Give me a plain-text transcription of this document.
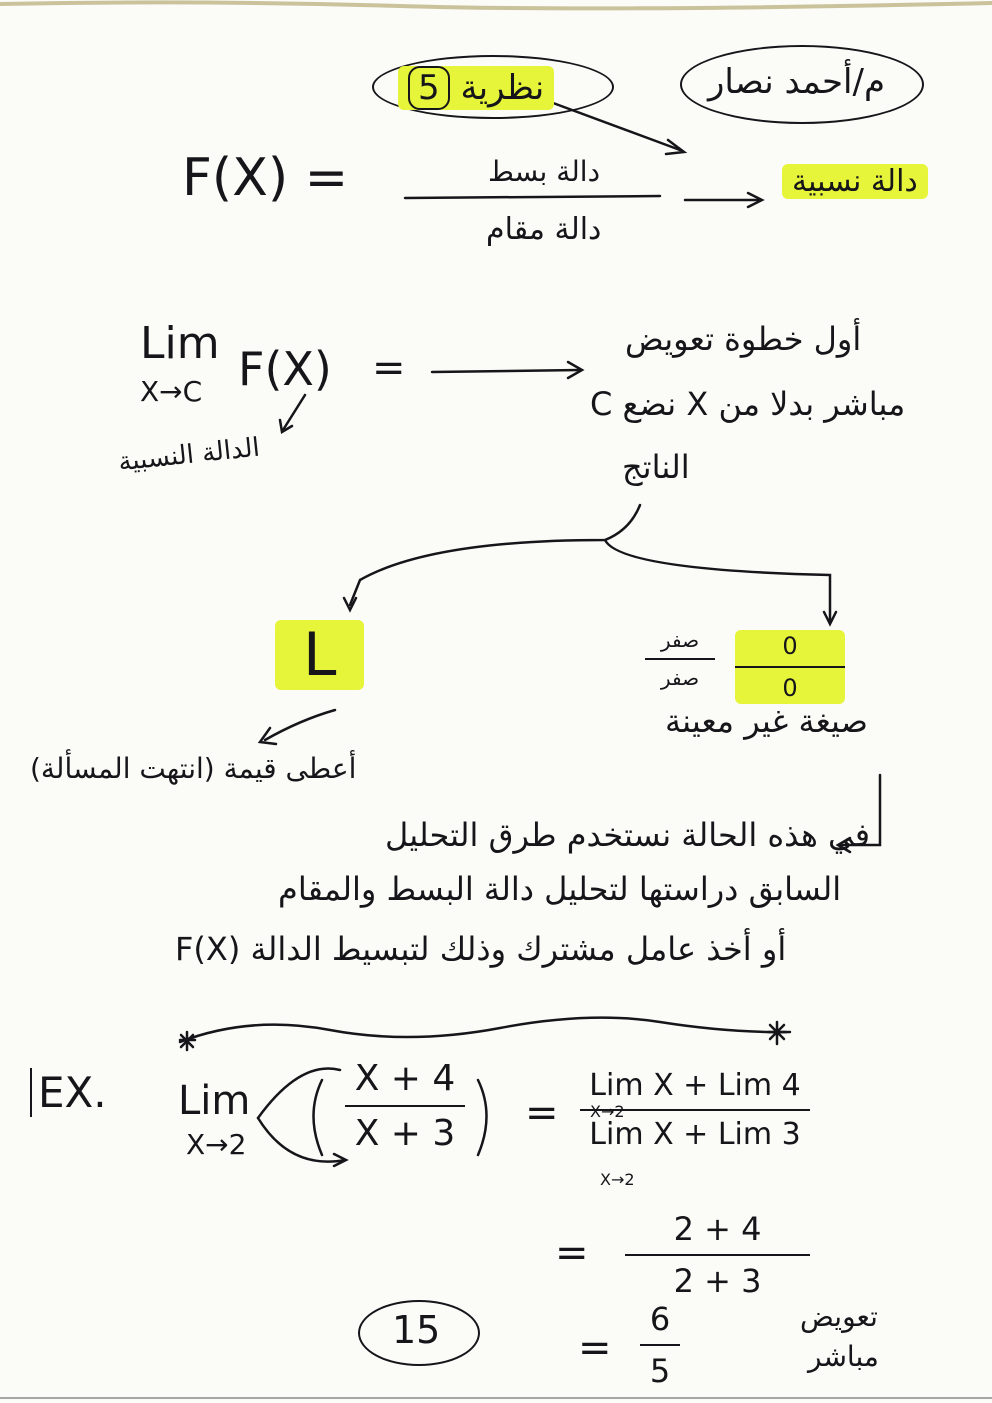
نظرية 5	م/أحمد نصار
F(X) =	دالة بسط
دالة مقام
دالة نسبية
Lim
X→C F(X) =
أول خطوة تعويض
مباشر بدلا من X نضع C
الناتج
الدالة النسبية
L	0
0
صفر
صفر
صيغة غير معينة
أعطى قيمة (انتهت المسألة)
في هذه الحالة نستخدم طرق التحليل
السابق دراستها لتحليل دالة البسط والمقام
أو أخذ عامل مشترك وذلك لتبسيط الدالة F(X)
EX. Lim
X→2
X + 4
X + 3 =
Lim X + Lim 4
Lim X + Lim 3
X→2
X→2
=
2 + 4
2 + 3
15	=
6
5
تعويض
مباشر
